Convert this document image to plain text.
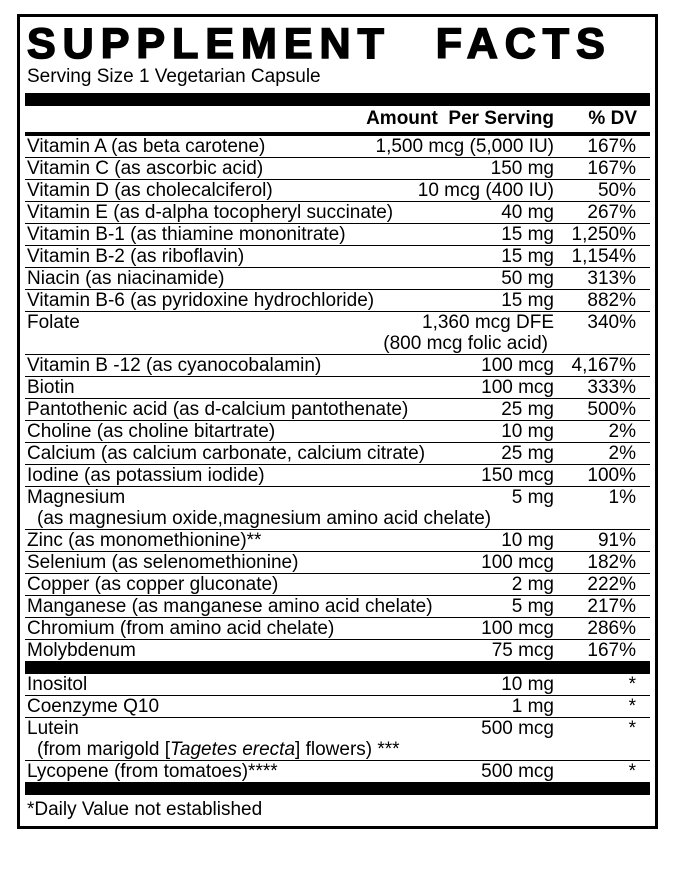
SUPPLEMENT FACTS
Serving Size 1 Vegetarian Capsule
Amount  Per Serving	% DV
Vitamin A (as beta carotene)	1,500 mcg (5,000 IU)	167%
Vitamin C (as ascorbic acid)	150 mg	167%
Vitamin D (as cholecalciferol)	10 mcg (400 IU)	50%
Vitamin E (as d-alpha tocopheryl succinate)	40 mg	267%
Vitamin B-1 (as thiamine mononitrate)	15 mg 1,250%
Vitamin B-2 (as riboflavin)	15 mg 1,154%
Niacin (as niacinamide)	50 mg	313%
Vitamin B-6 (as pyridoxine hydrochloride)	15 mg	882%
Folate	1,360 mcg DFE	340%
(800 mcg folic acid)
Vitamin B -12 (as cyanocobalamin)	100 mcg 4,167%
Biotin	100 mcg	333%
Pantothenic acid (as d-calcium pantothenate)	25 mg	500%
Choline (as choline bitartrate)	10 mg	2%
Calcium (as calcium carbonate, calcium citrate)	25 mg	2%
Iodine (as potassium iodide)	150 mcg	100%
Magnesium	5 mg	1%
(as magnesium oxide,magnesium amino acid chelate)
Zinc (as monomethionine)**	10 mg	91%
Selenium (as selenomethionine)	100 mcg	182%
Copper (as copper gluconate)	2 mg	222%
Manganese (as manganese amino acid chelate)	5 mg	217%
Chromium (from amino acid chelate)	100 mcg	286%
Molybdenum	75 mcg	167%
Inositol	10 mg	*
Coenzyme Q10	1 mg	*
Lutein	500 mcg	*
(from marigold [Tagetes erecta] flowers) ***
Lycopene (from tomatoes)****	500 mcg	*
*Daily Value not established
